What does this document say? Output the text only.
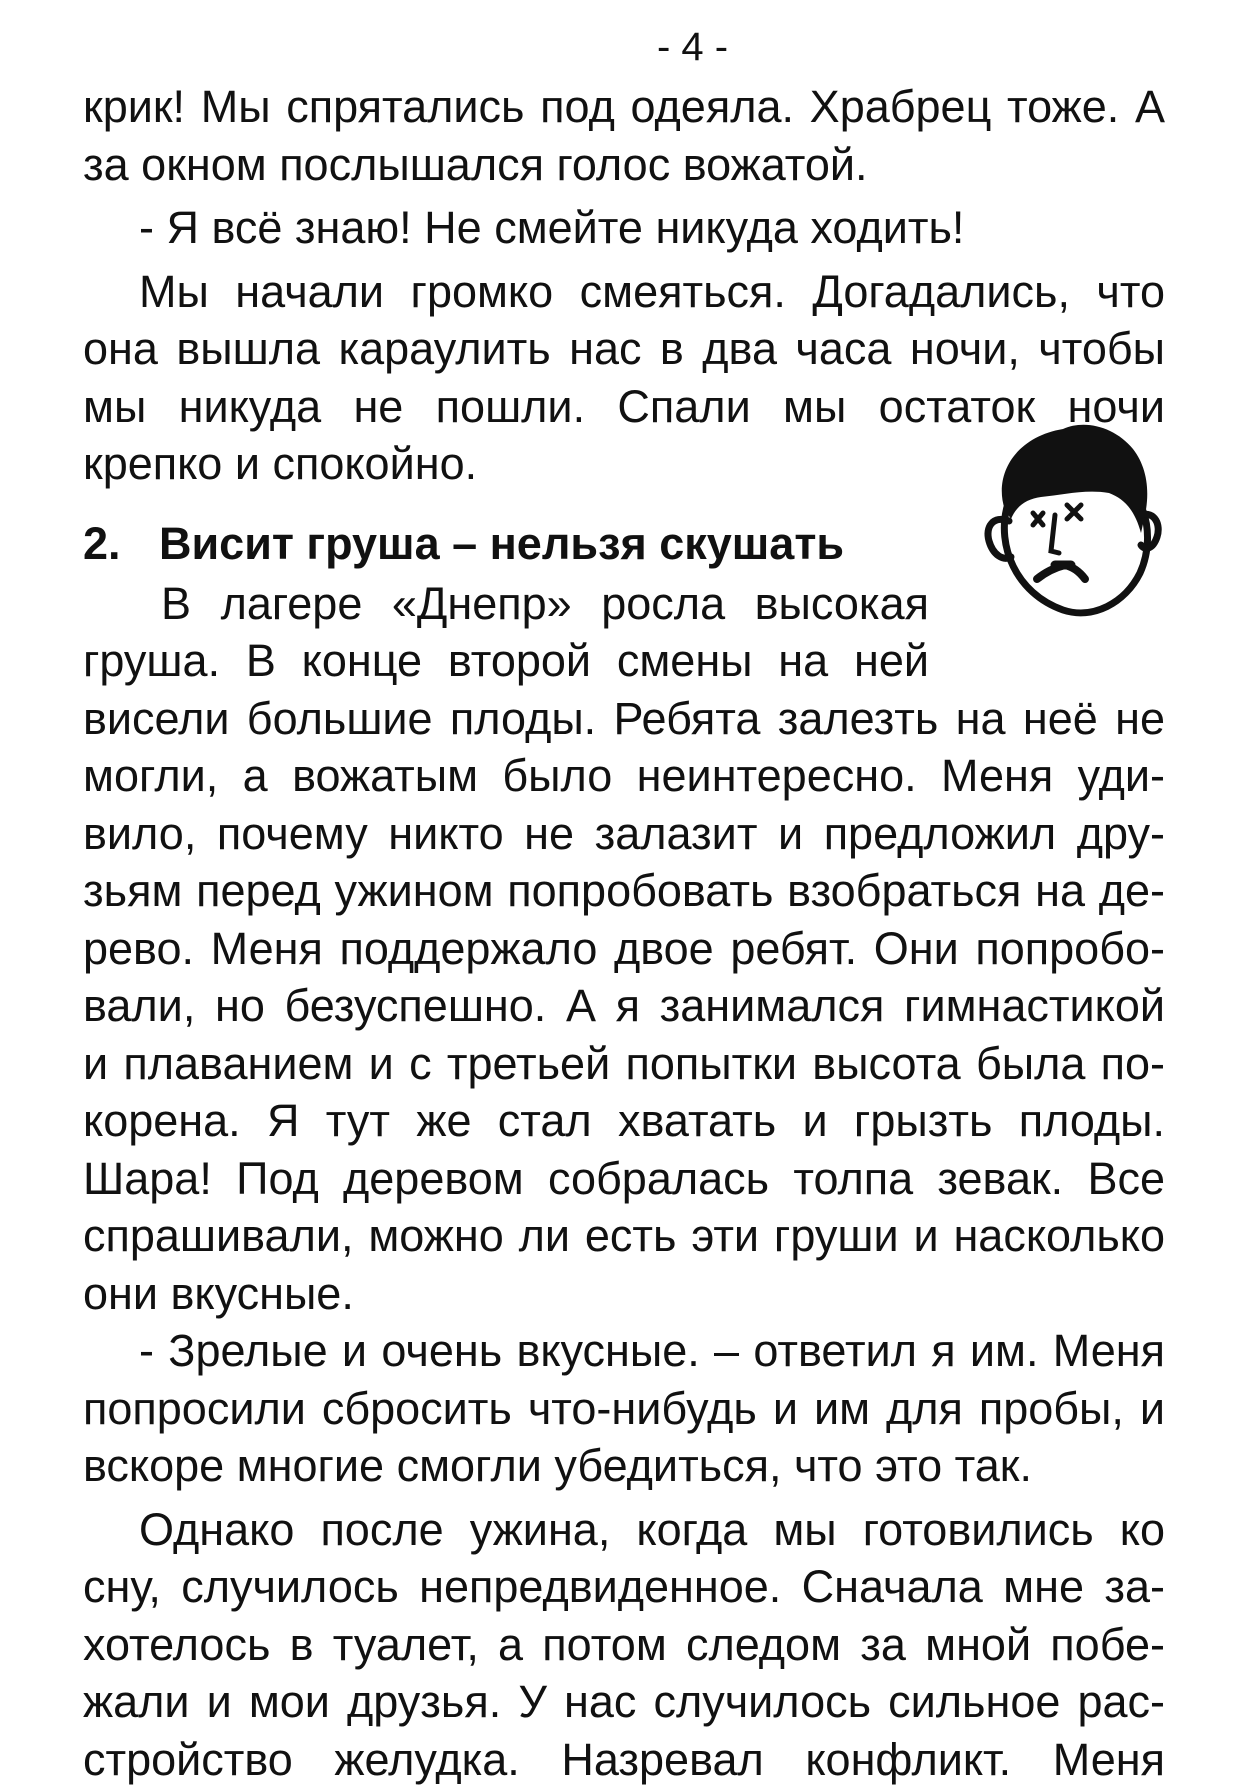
- 4 -
крик! Мы спрятались под одеяла. Храбрец тоже. А
за окном послышался голос вожатой.
- Я всё знаю! Не смейте никуда ходить!
Мы начали громко смеяться. Догадались, что
она вышла караулить нас в два часа ночи, чтобы
мы никуда не пошли. Спали мы остаток ночи
крепко и спокойно.
2. Висит груша – нельзя скушать
В лагере «Днепр» росла высокая
груша. В конце второй смены на ней
висели большие плоды. Ребята залезть на неё не
могли, а вожатым было неинтересно. Меня уди-
вило, почему никто не залазит и предложил дру-
зьям перед ужином попробовать взобраться на де-
рево. Меня поддержало двое ребят. Они попробо-
вали, но безуспешно. А я занимался гимнастикой
и плаванием и с третьей попытки высота была по-
корена. Я тут же стал хватать и грызть плоды.
Шара! Под деревом собралась толпа зевак. Все
спрашивали, можно ли есть эти груши и насколько
они вкусные.
- Зрелые и очень вкусные. – ответил я им. Меня
попросили сбросить что-нибудь и им для пробы, и
вскоре многие смогли убедиться, что это так.
Однако после ужина, когда мы готовились ко
сну, случилось непредвиденное. Сначала мне за-
хотелось в туалет, а потом следом за мной побе-
жали и мои друзья. У нас случилось сильное рас-
стройство желудка. Назревал конфликт. Меня
